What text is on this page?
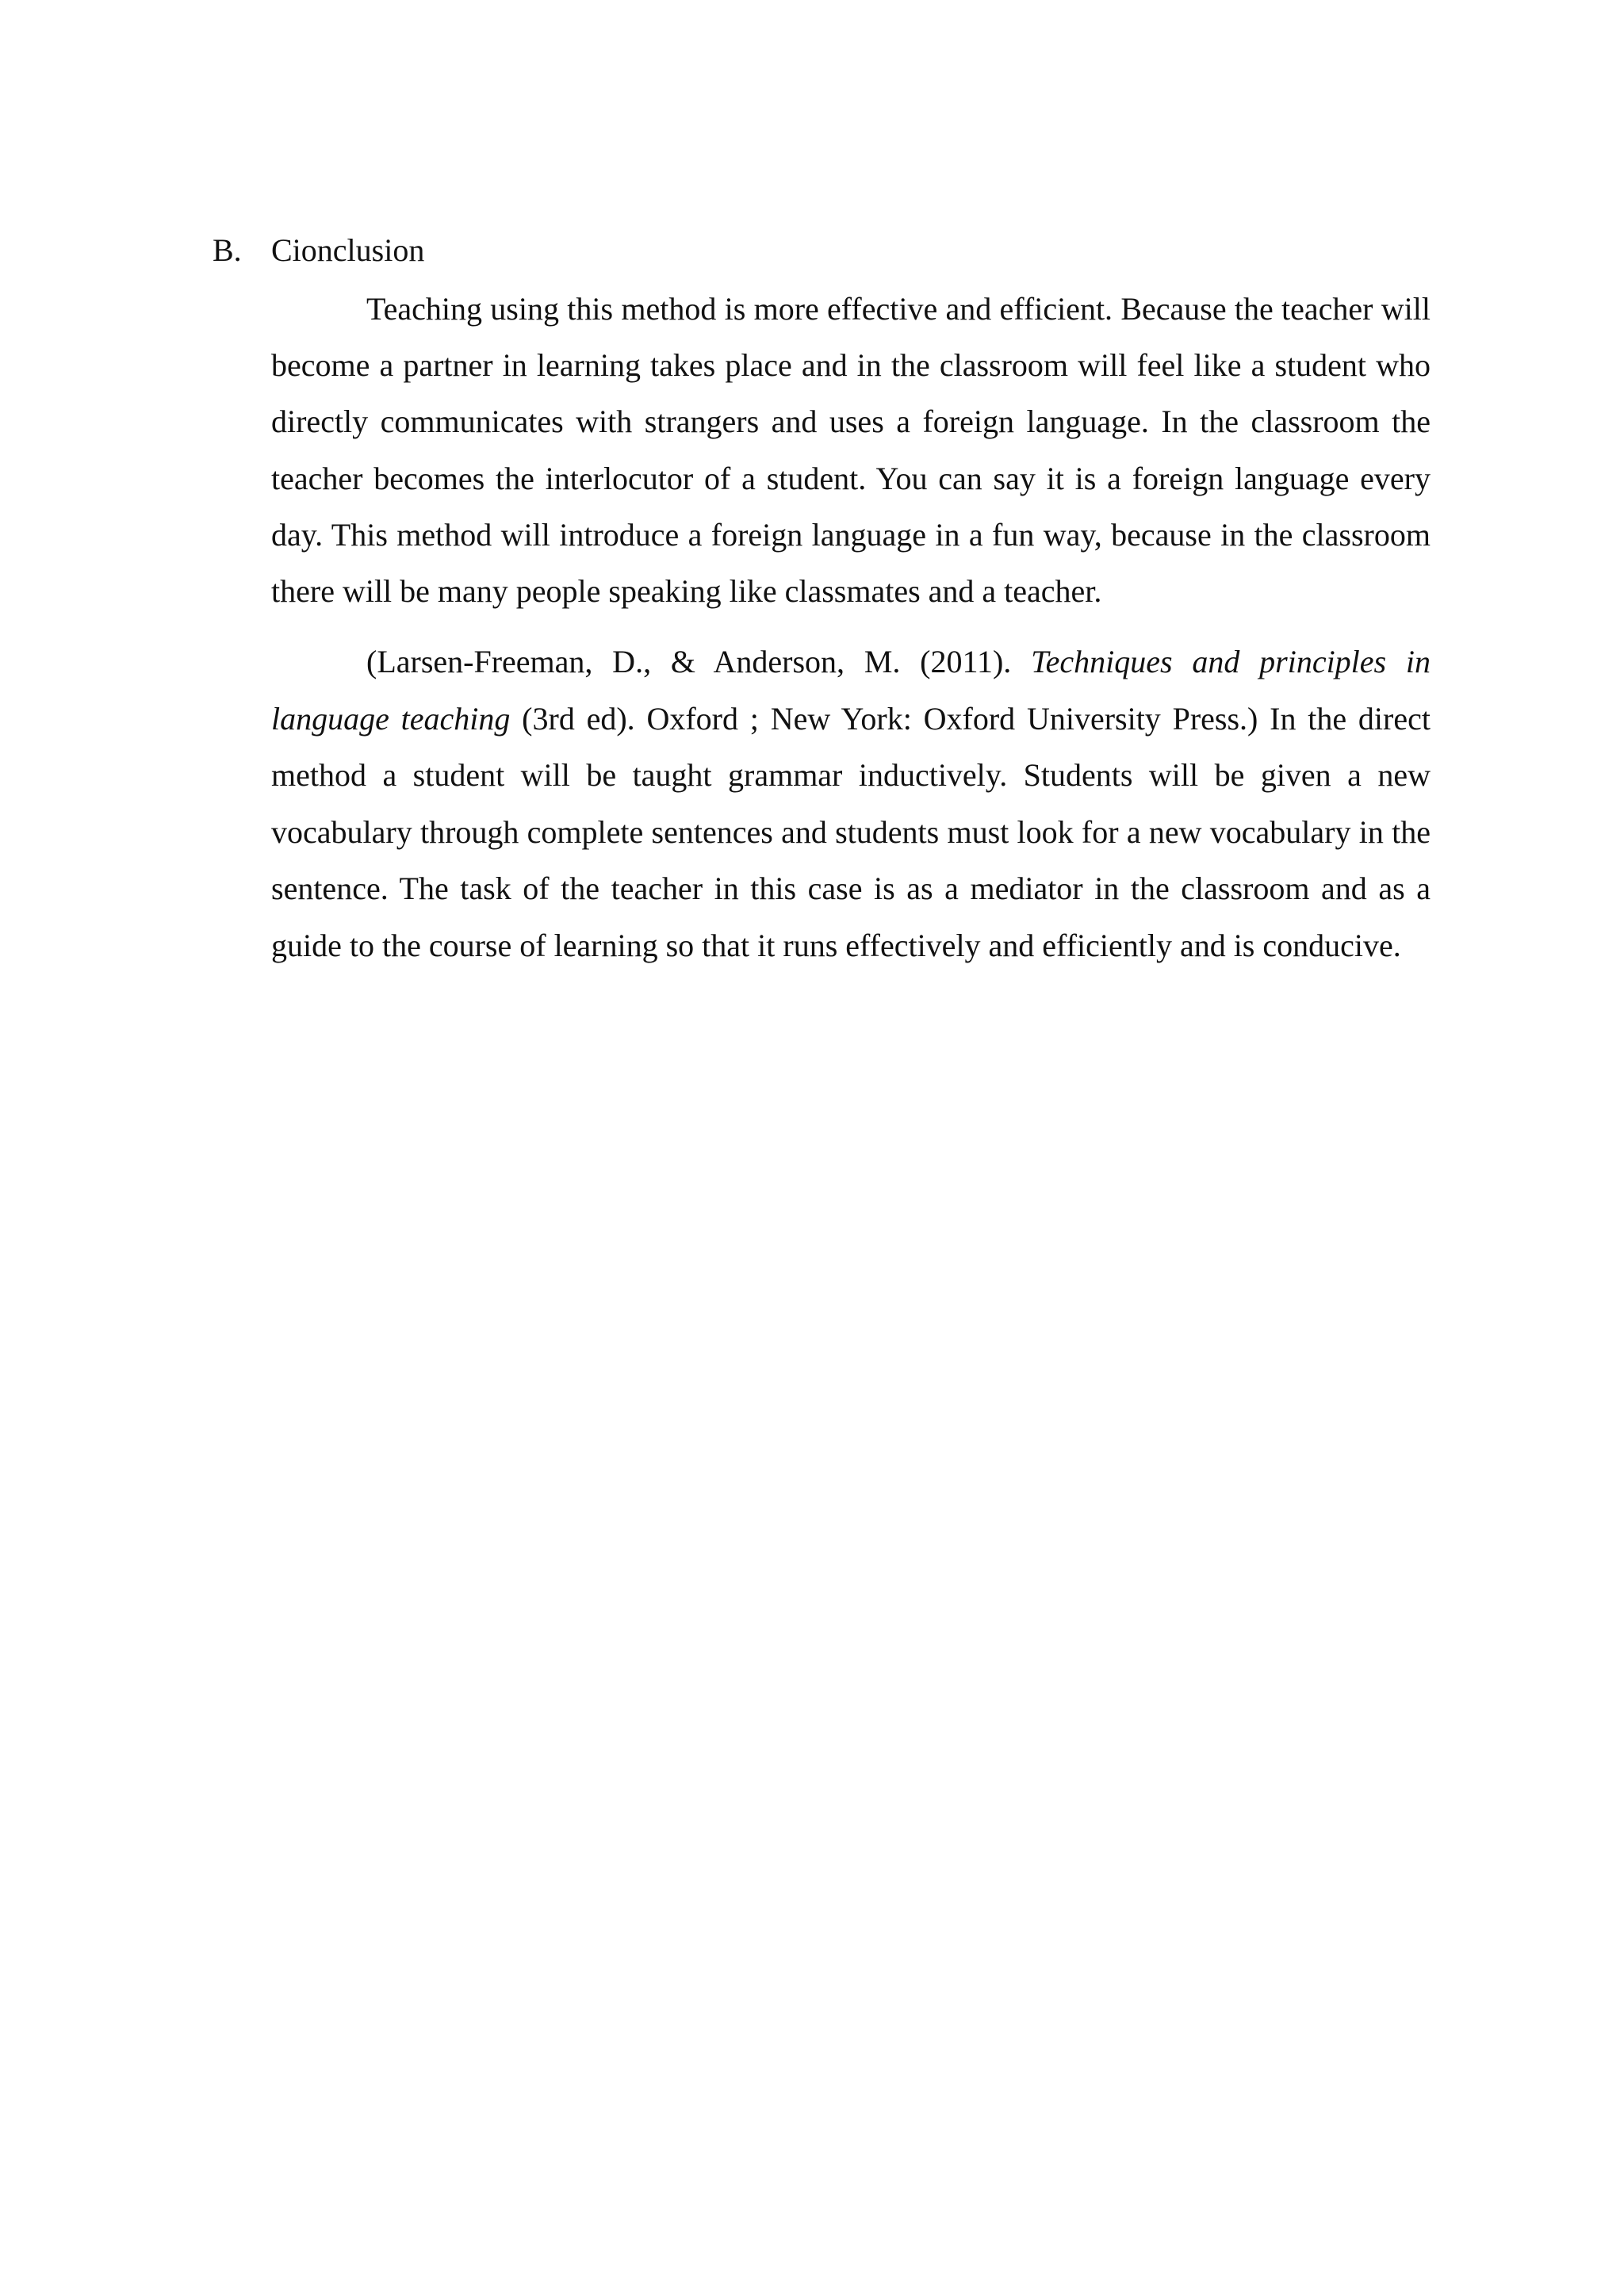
B. Cionclusion

Teaching using this method is more effective and efficient. Because the teacher will become a partner in learning takes place and in the classroom will feel like a student who directly communicates with strangers and uses a foreign language. In the classroom the teacher becomes the interlocutor of a student. You can say it is a foreign language every day. This method will introduce a foreign language in a fun way, because in the classroom there will be many people speaking like classmates and a teacher.

(Larsen-Freeman, D., & Anderson, M. (2011). Techniques and principles in language teaching (3rd ed). Oxford ; New York: Oxford University Press.) In the direct method a student will be taught grammar inductively. Students will be given a new vocabulary through complete sentences and students must look for a new vocabulary in the sentence. The task of the teacher in this case is as a mediator in the classroom and as a guide to the course of learning so that it runs effectively and efficiently and is conducive.
